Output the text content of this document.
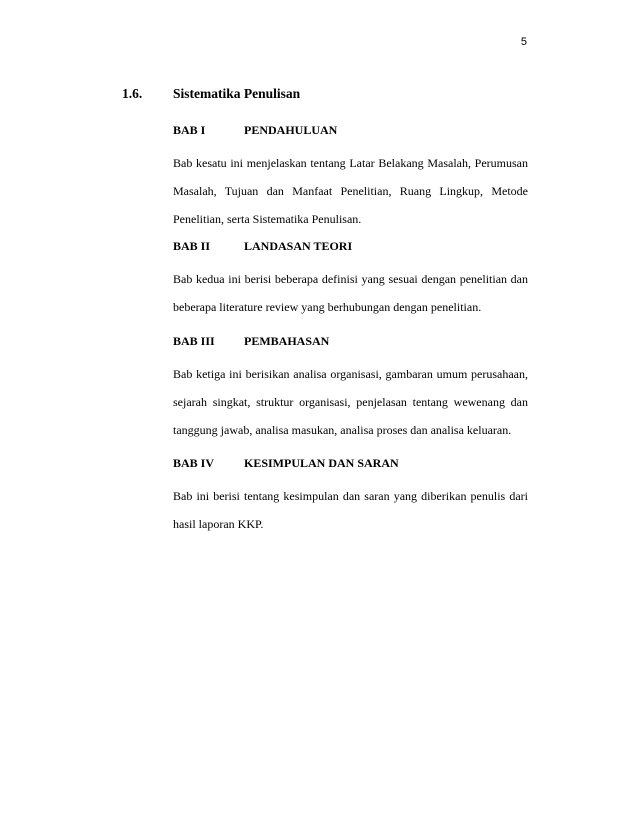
5
1.6. Sistematika Penulisan
BAB I	PENDAHULUAN
Bab kesatu ini menjelaskan tentang Latar Belakang Masalah, Perumusan Masalah, Tujuan dan Manfaat Penelitian, Ruang Lingkup, Metode Penelitian, serta Sistematika Penulisan.
BAB II	LANDASAN TEORI
Bab kedua ini berisi beberapa definisi yang sesuai dengan penelitian dan beberapa literature review yang berhubungan dengan penelitian.
BAB III PEMBAHASAN
Bab ketiga ini berisikan analisa organisasi, gambaran umum perusahaan, sejarah singkat, struktur organisasi, penjelasan tentang wewenang dan tanggung jawab, analisa masukan, analisa proses dan analisa keluaran.
BAB IV KESIMPULAN DAN SARAN
Bab ini berisi tentang kesimpulan dan saran yang diberikan penulis dari hasil laporan KKP.
